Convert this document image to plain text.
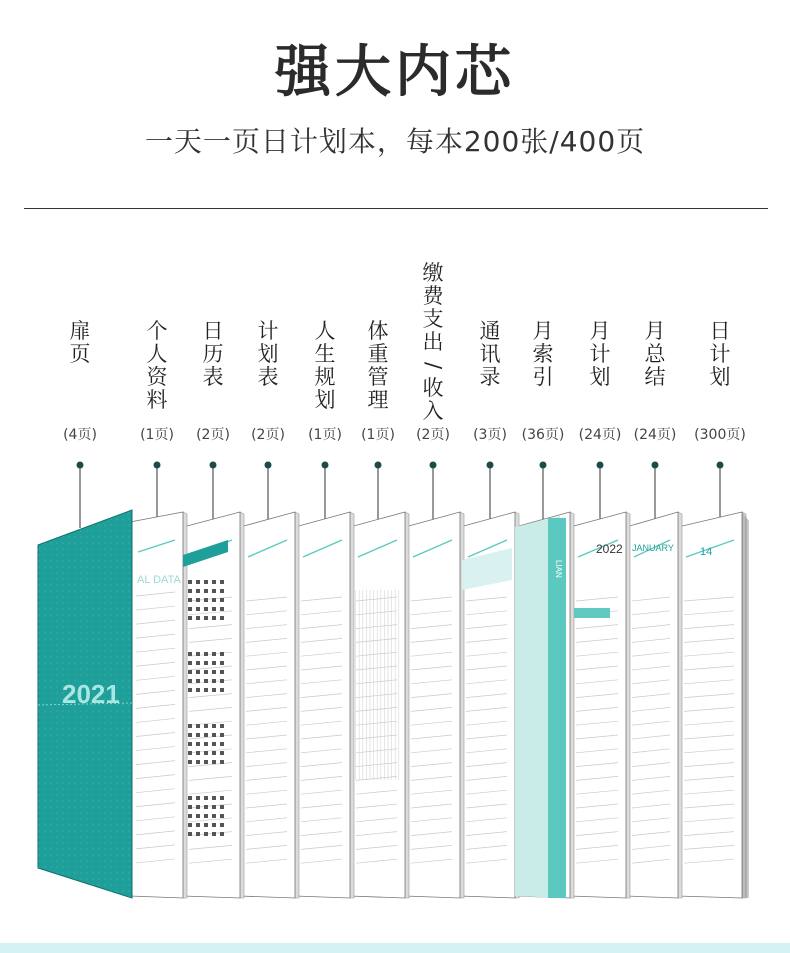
强大内芯
一天一页日计划本，每本200张/400页
扉
页
(4页)
个
人
资
料
(1页)
日
历
表
(2页)
计
划
表
(2页)
人
生
规
划
(1页)
体
重
管
理
(1页)
缴
费
支
出
/
收
入
(2页)
通
讯
录
(3页)
月
索
引
(36页)
月
计
划
(24页)
月
总
结
(24页)
日
计
划
(300页)
AL DATA
LIAN
2022 JANUARY 14
2021
